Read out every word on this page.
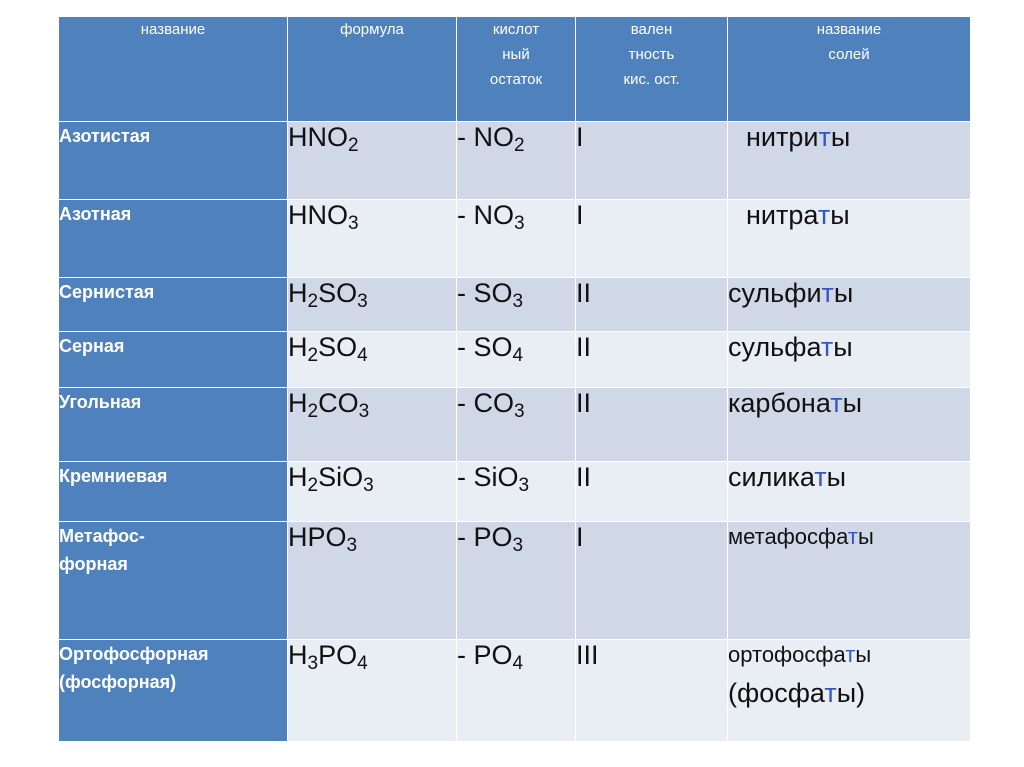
название	формула	кислот
ный
остаток	вален
тность
кис. ост.	название
солей

Азотистая	$HNO_2$	- $NO_2$	I	нитриты

Азотная	$HNO_3$	- $NO_3$	I	нитраты

Сернистая	$H_2SO_3$	- $SO_3$	II	сульфиты

Серная	$H_2SO_4$	- $SO_4$	II	сульфаты

Угольная	$H_2CO_3$	- $CO_3$	II	карбонаты

Кремниевая	$H_2SiO_3$	- SiO$_3$	II	силикаты

Метафос-
форная	$HPO_3$	- $PO_3$	I	метафосфаты

Ортофосфорная
(фосфорная)	$H_3PO_4$	- $PO_4$	III	ортофосфаты
(фосфаты)
